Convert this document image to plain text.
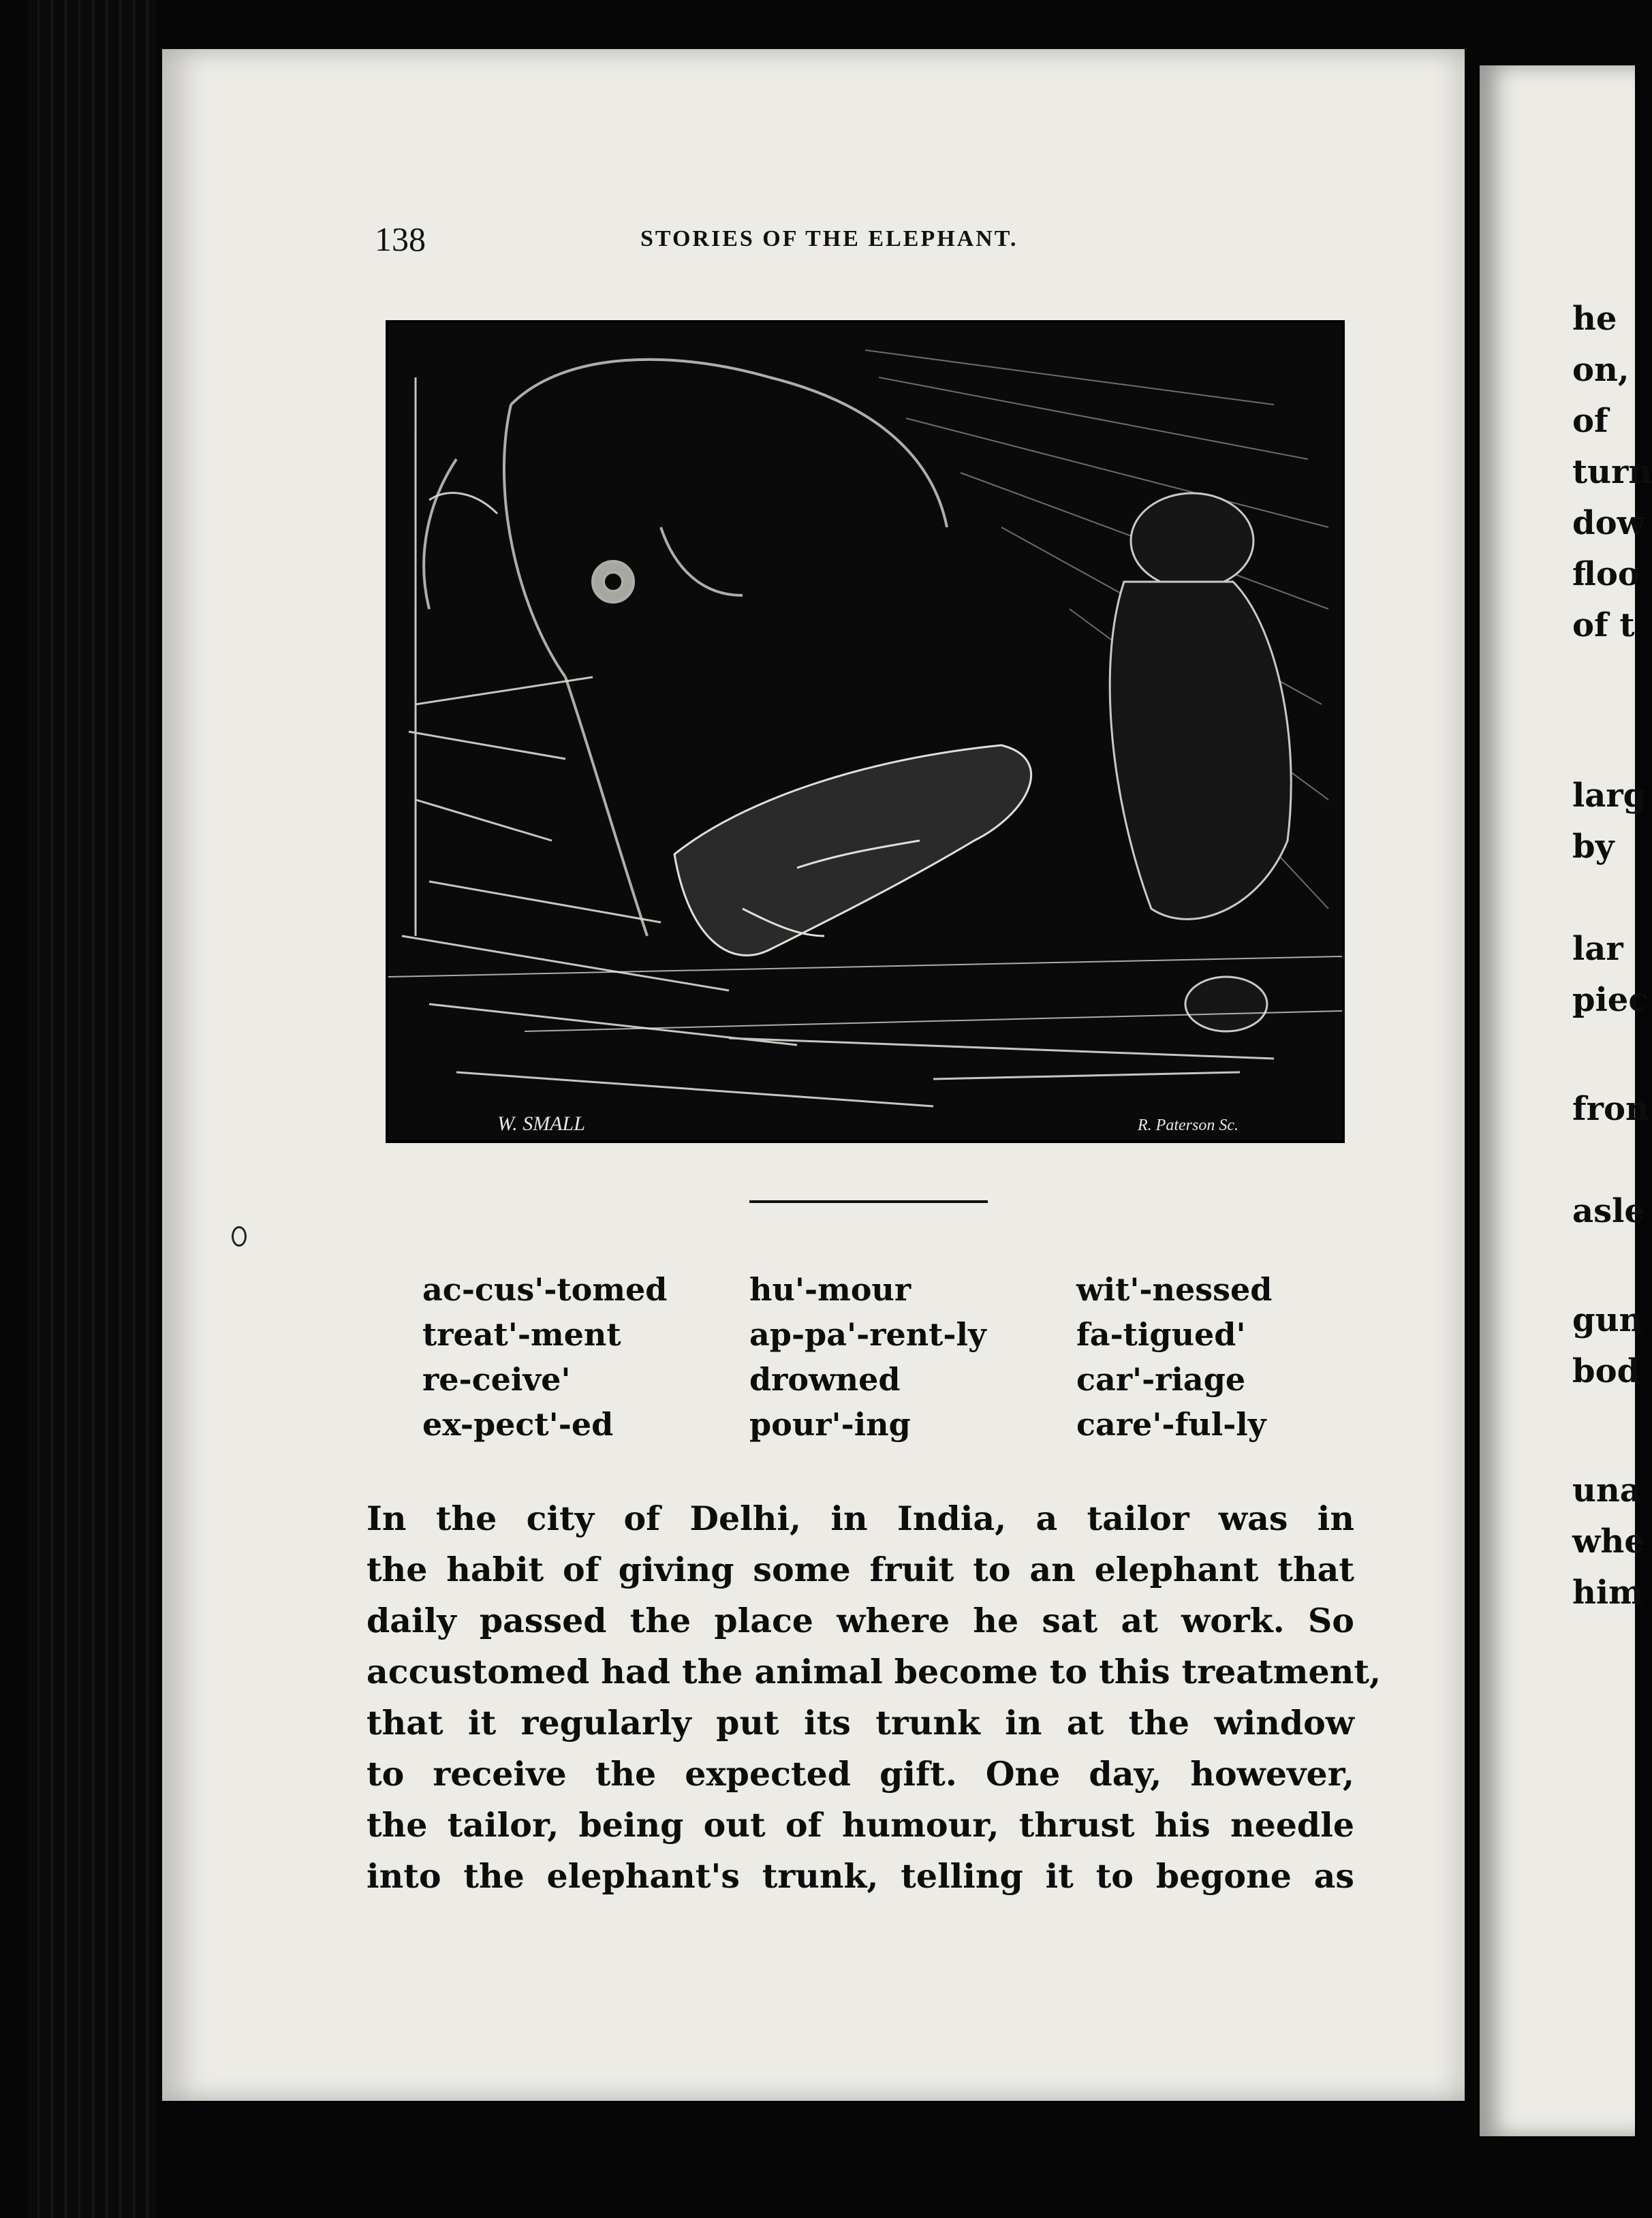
138	STORIES OF THE ELEPHANT.
W. SMALL	R. Paterson Sc.
ac-cus'-tomed
treat'-ment
re-ceive'
ex-pect'-ed
hu'-mour
ap-pa'-rent-ly
drowned
pour'-ing
wit'-nessed
fa-tigued'
car'-riage
care'-ful-ly
In the city of Delhi, in India, a tailor was in
the habit of giving some fruit to an elephant that
daily passed the place where he sat at work. So
accustomed had the animal become to this treatment,
that it regularly put its trunk in at the window
to receive the expected gift. One day, however,
the tailor, being out of humour, thrust his needle
into the elephant's trunk, telling it to begone as
he
on,
of
turn
dow
floo
of t
larg
by
lar
piec
fron
asle
gun
bod
una
whe
him
